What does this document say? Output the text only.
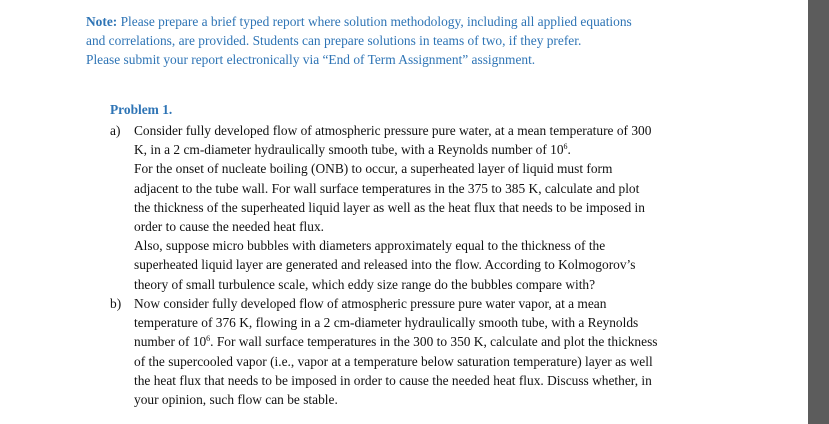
Note: Please prepare a brief typed report where solution methodology, including all applied equations
and correlations, are provided. Students can prepare solutions in teams of two, if they prefer.
Please submit your report electronically via “End of Term Assignment” assignment.
Problem 1.
a) Consider fully developed flow of atmospheric pressure pure water, at a mean temperature of 300
K, in a 2 cm-diameter hydraulically smooth tube, with a Reynolds number of $10^6$.
For the onset of nucleate boiling (ONB) to occur, a superheated layer of liquid must form
adjacent to the tube wall. For wall surface temperatures in the 375 to 385 K, calculate and plot
the thickness of the superheated liquid layer as well as the heat flux that needs to be imposed in
order to cause the needed heat flux.
Also, suppose micro bubbles with diameters approximately equal to the thickness of the
superheated liquid layer are generated and released into the flow. According to Kolmogorov’s
theory of small turbulence scale, which eddy size range do the bubbles compare with?
b) Now consider fully developed flow of atmospheric pressure pure water vapor, at a mean
temperature of 376 K, flowing in a 2 cm-diameter hydraulically smooth tube, with a Reynolds
number of $10^6$. For wall surface temperatures in the 300 to 350 K, calculate and plot the thickness
of the supercooled vapor (i.e., vapor at a temperature below saturation temperature) layer as well
the heat flux that needs to be imposed in order to cause the needed heat flux. Discuss whether, in
your opinion, such flow can be stable.
